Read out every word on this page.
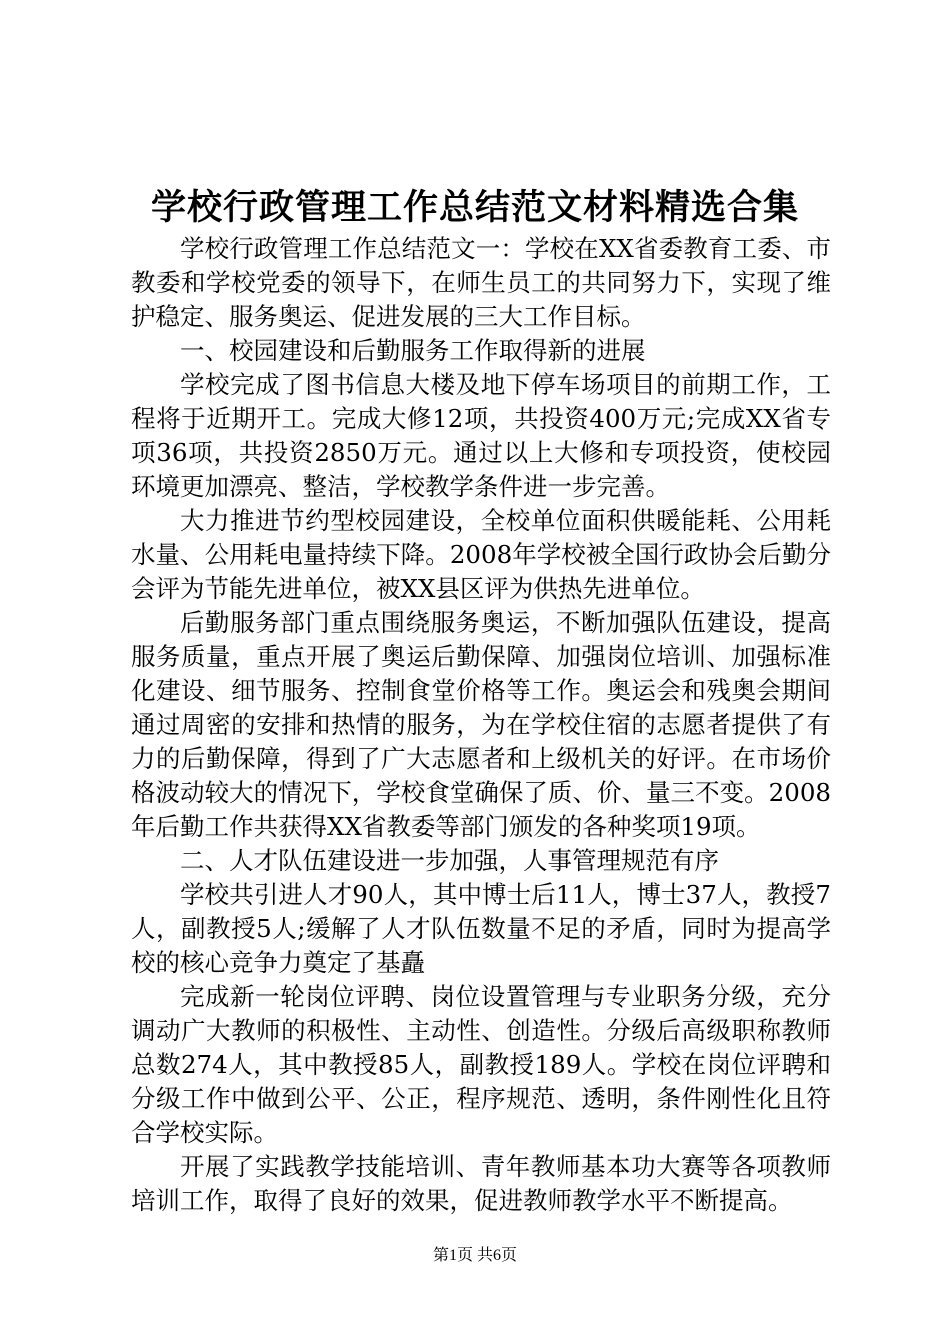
学校行政管理工作总结范文材料精选合集

学校行政管理工作总结范文一：学校在XX省委教育工委、市教委和学校党委的领导下，在师生员工的共同努力下，实现了维护稳定、服务奥运、促进发展的三大工作目标。

一、校园建设和后勤服务工作取得新的进展

学校完成了图书信息大楼及地下停车场项目的前期工作，工程将于近期开工。完成大修12项，共投资400万元;完成XX省专项36项，共投资2850万元。通过以上大修和专项投资，使校园环境更加漂亮、整洁，学校教学条件进一步完善。

大力推进节约型校园建设，全校单位面积供暖能耗、公用耗水量、公用耗电量持续下降。2008年学校被全国行政协会后勤分会评为节能先进单位，被XX县区评为供热先进单位。

后勤服务部门重点围绕服务奥运，不断加强队伍建设，提高服务质量，重点开展了奥运后勤保障、加强岗位培训、加强标准化建设、细节服务、控制食堂价格等工作。奥运会和残奥会期间通过周密的安排和热情的服务，为在学校住宿的志愿者提供了有力的后勤保障，得到了广大志愿者和上级机关的好评。在市场价格波动较大的情况下，学校食堂确保了质、价、量三不变。2008年后勤工作共获得XX省教委等部门颁发的各种奖项19项。

二、人才队伍建设进一步加强，人事管理规范有序

学校共引进人才90人，其中博士后11人，博士37人，教授7人，副教授5人;缓解了人才队伍数量不足的矛盾，同时为提高学校的核心竞争力奠定了基矗

完成新一轮岗位评聘、岗位设置管理与专业职务分级，充分调动广大教师的积极性、主动性、创造性。分级后高级职称教师总数274人，其中教授85人，副教授189人。学校在岗位评聘和分级工作中做到公平、公正，程序规范、透明，条件刚性化且符合学校实际。

开展了实践教学技能培训、青年教师基本功大赛等各项教师培训工作，取得了良好的效果，促进教师教学水平不断提高。

第1页 共6页
